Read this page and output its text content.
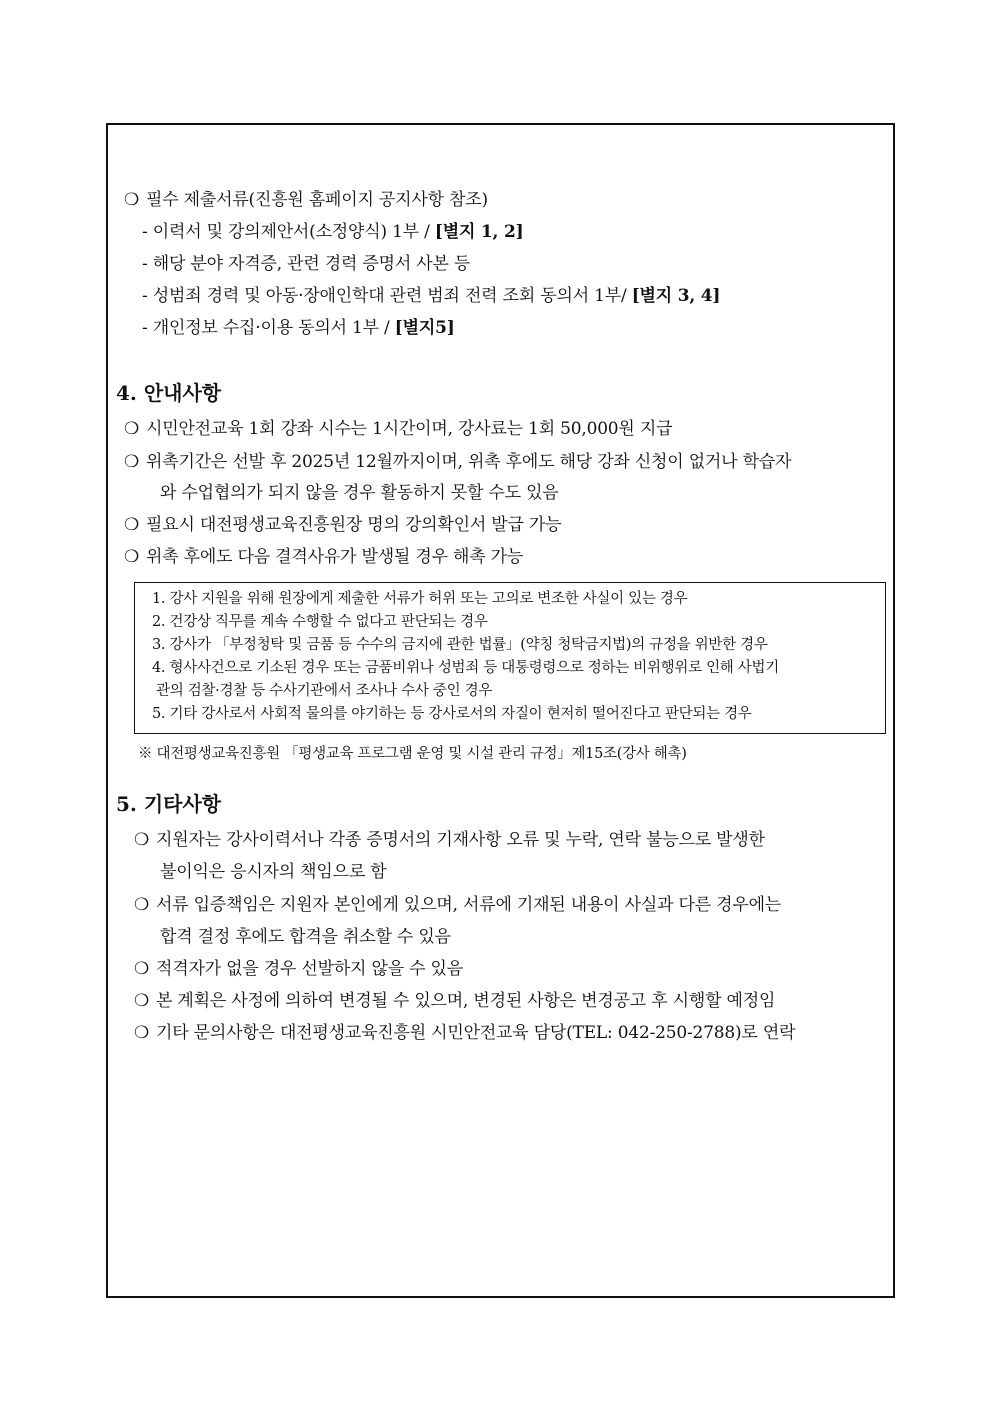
❍ 필수 제출서류(진흥원 홈페이지 공지사항 참조)
- 이력서 및 강의제안서(소정양식) 1부 / [별지 1, 2]
- 해당 분야 자격증, 관련 경력 증명서 사본 등
- 성범죄 경력 및 아동·장애인학대 관련 범죄 전력 조회 동의서 1부/ [별지 3, 4]
- 개인정보 수집·이용 동의서 1부 / [별지5]
4. 안내사항
❍ 시민안전교육 1회 강좌 시수는 1시간이며, 강사료는 1회 50,000원 지급
❍ 위촉기간은 선발 후 2025년 12월까지이며, 위촉 후에도 해당 강좌 신청이 없거나 학습자
와 수업협의가 되지 않을 경우 활동하지 못할 수도 있음
❍ 필요시 대전평생교육진흥원장 명의 강의확인서 발급 가능
❍ 위촉 후에도 다음 결격사유가 발생될 경우 해촉 가능
1. 강사 지원을 위해 원장에게 제출한 서류가 허위 또는 고의로 변조한 사실이 있는 경우
2. 건강상 직무를 계속 수행할 수 없다고 판단되는 경우
3. 강사가 「부정청탁 및 금품 등 수수의 금지에 관한 법률」(약칭 청탁금지법)의 규정을 위반한 경우
4. 형사사건으로 기소된 경우 또는 금품비위나 성범죄 등 대통령령으로 정하는 비위행위로 인해 사법기
관의 검찰·경찰 등 수사기관에서 조사나 수사 중인 경우
5. 기타 강사로서 사회적 물의를 야기하는 등 강사로서의 자질이 현저히 떨어진다고 판단되는 경우
※ 대전평생교육진흥원 「평생교육 프로그램 운영 및 시설 관리 규정」제15조(강사 해촉)
5. 기타사항
❍ 지원자는 강사이력서나 각종 증명서의 기재사항 오류 및 누락, 연락 불능으로 발생한
불이익은 응시자의 책임으로 함
❍ 서류 입증책임은 지원자 본인에게 있으며, 서류에 기재된 내용이 사실과 다른 경우에는
합격 결정 후에도 합격을 취소할 수 있음
❍ 적격자가 없을 경우 선발하지 않을 수 있음
❍ 본 계획은 사정에 의하여 변경될 수 있으며, 변경된 사항은 변경공고 후 시행할 예정임
❍ 기타 문의사항은 대전평생교육진흥원 시민안전교육 담당(TEL: 042-250-2788)로 연락
